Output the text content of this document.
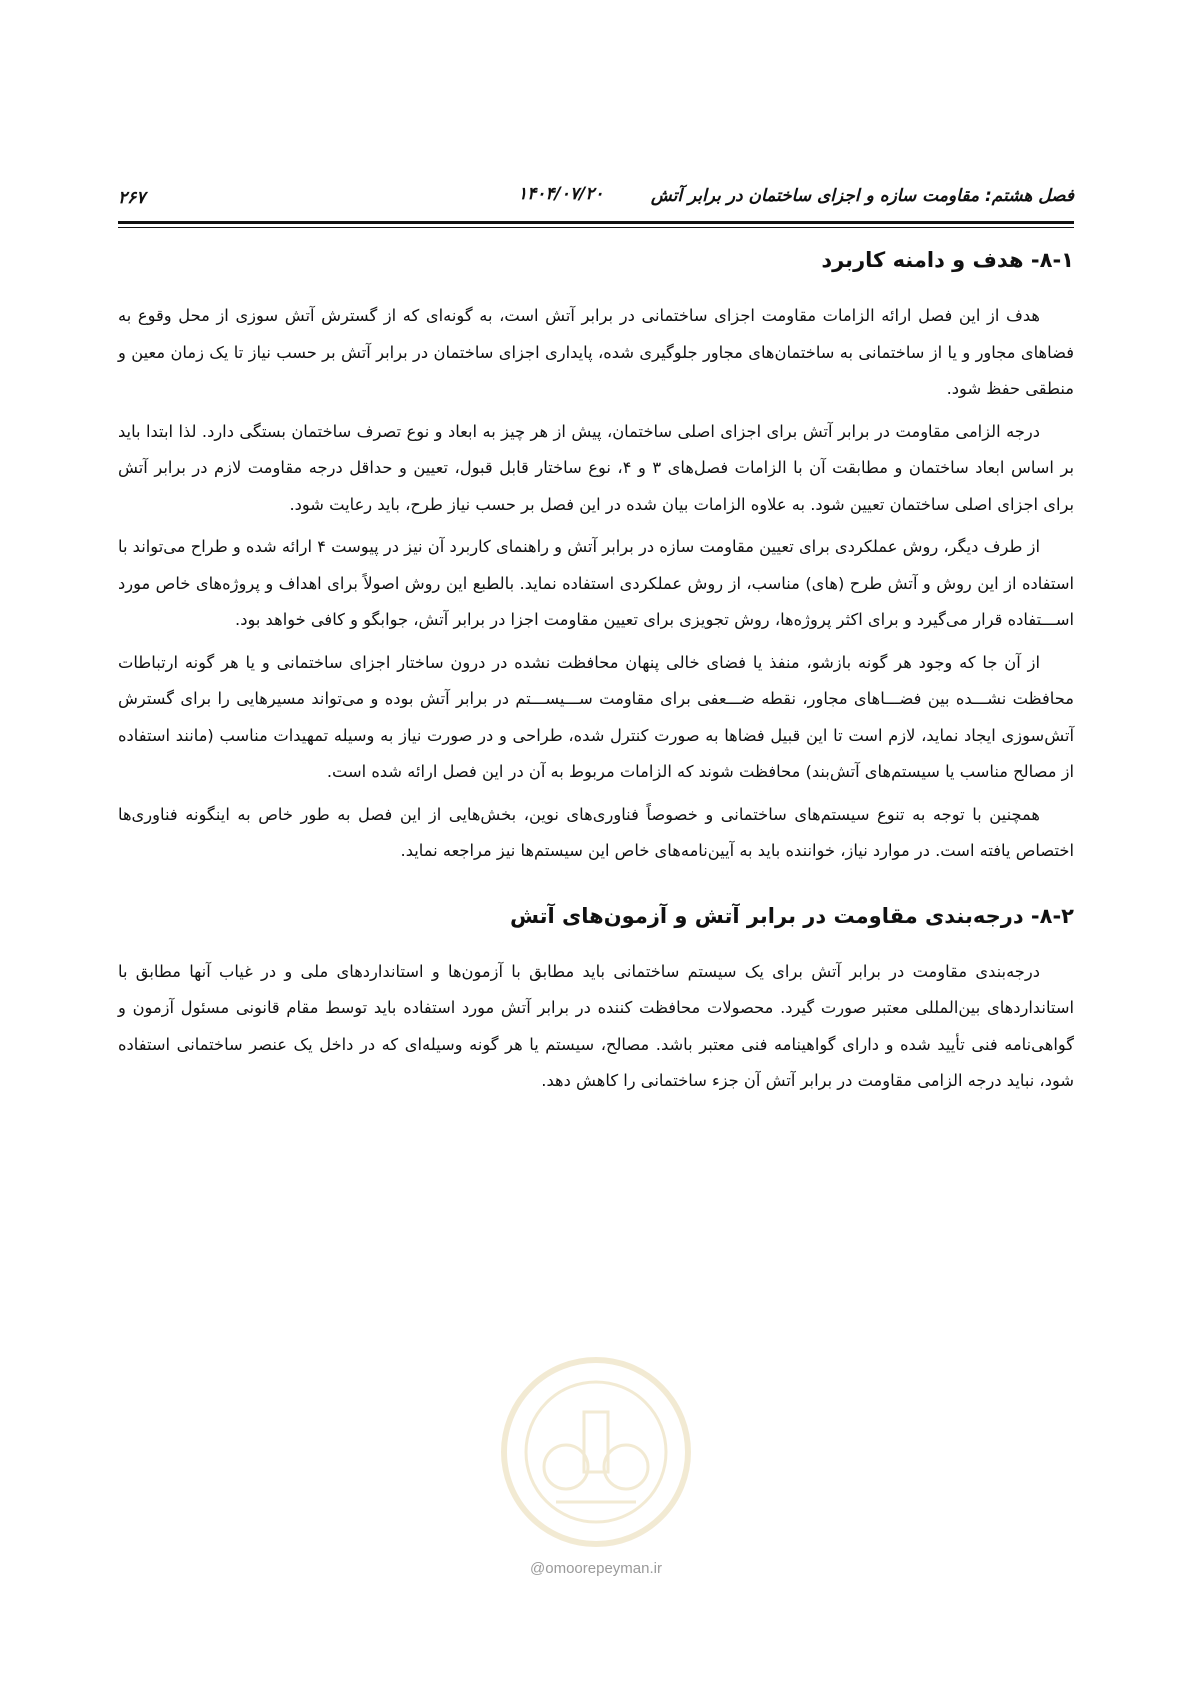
فصل هشتم: مقاومت سازه و اجزای ساختمان در برابر آتش
۱۴۰۴/۰۷/۲۰
۲۶۷
۸-۱- هدف و دامنه کاربرد

هدف از این فصل ارائه الزامات مقاومت اجزای ساختمانی در برابر آتش است، به گونه‌ای که از گسترش آتش سوزی از محل وقوع به فضاهای مجاور و یا از ساختمانی به ساختمان‌های مجاور جلوگیری شده، پایداری اجزای ساختمان در برابر آتش بر حسب نیاز تا یک زمان معین و منطقی حفظ شود.

درجه الزامی مقاومت در برابر آتش برای اجزای اصلی ساختمان، پیش از هر چیز به ابعاد و نوع تصرف ساختمان بستگی دارد. لذا ابتدا باید بر اساس ابعاد ساختمان و مطابقت آن با الزامات فصل‌های ۳ و ۴، نوع ساختار قابل قبول، تعیین و حداقل درجه مقاومت لازم در برابر آتش برای اجزای اصلی ساختمان تعیین شود. به علاوه الزامات بیان شده در این فصل بر حسب نیاز طرح، باید رعایت شود.

از طرف دیگر، روش عملکردی برای تعیین مقاومت سازه در برابر آتش و راهنمای کاربرد آن نیز در پیوست ۴ ارائه شده و طراح می‌تواند با استفاده از این روش و آتش طرح (های) مناسب، از روش عملکردی استفاده نماید. بالطبع این روش اصولاً برای اهداف و پروژه‌های خاص مورد اســـتفاده قرار می‌گیرد و برای اکثر پروژه‌ها، روش تجویزی برای تعیین مقاومت اجزا در برابر آتش، جوابگو و کافی خواهد بود.

از آن جا که وجود هر گونه بازشو، منفذ یا فضای خالی پنهان محافظت نشده در درون ساختار اجزای ساختمانی و یا هر گونه ارتباطات محافظت نشـــده بین فضـــاهای مجاور، نقطه ضـــعفی برای مقاومت ســـیســـتم در برابر آتش بوده و می‌تواند مسیرهایی را برای گسترش آتش‌سوزی ایجاد نماید، لازم است تا این قبیل فضاها به صورت کنترل شده، طراحی و در صورت نیاز به وسیله تمهیدات مناسب (مانند استفاده از مصالح مناسب یا سیستم‌های آتش‌بند) محافظت شوند که الزامات مربوط به آن در این فصل ارائه شده است.

همچنین با توجه به تنوع سیستم‌های ساختمانی و خصوصاً فناوری‌های نوین، بخش‌هایی از این فصل به طور خاص به اینگونه فناوری‌ها اختصاص یافته است. در موارد نیاز، خواننده باید به آیین‌نامه‌های خاص این سیستم‌ها نیز مراجعه نماید.

۸-۲- درجه‌بندی مقاومت در برابر آتش و آزمون‌های آتش

درجه‌بندی مقاومت در برابر آتش برای یک سیستم ساختمانی باید مطابق با آزمون‌ها و استانداردهای ملی و در غیاب آنها مطابق با استانداردهای بین‌المللی معتبر صورت گیرد. محصولات محافظت کننده در برابر آتش مورد استفاده باید توسط مقام قانونی مسئول آزمون و گواهی‌نامه فنی تأیید شده و دارای گواهینامه فنی معتبر باشد. مصالح، سیستم یا هر گونه وسیله‌ای که در داخل یک عنصر ساختمانی استفاده شود، نباید درجه الزامی مقاومت در برابر آتش آن جزء ساختمانی را کاهش دهد.

@omoorepeyman.ir
